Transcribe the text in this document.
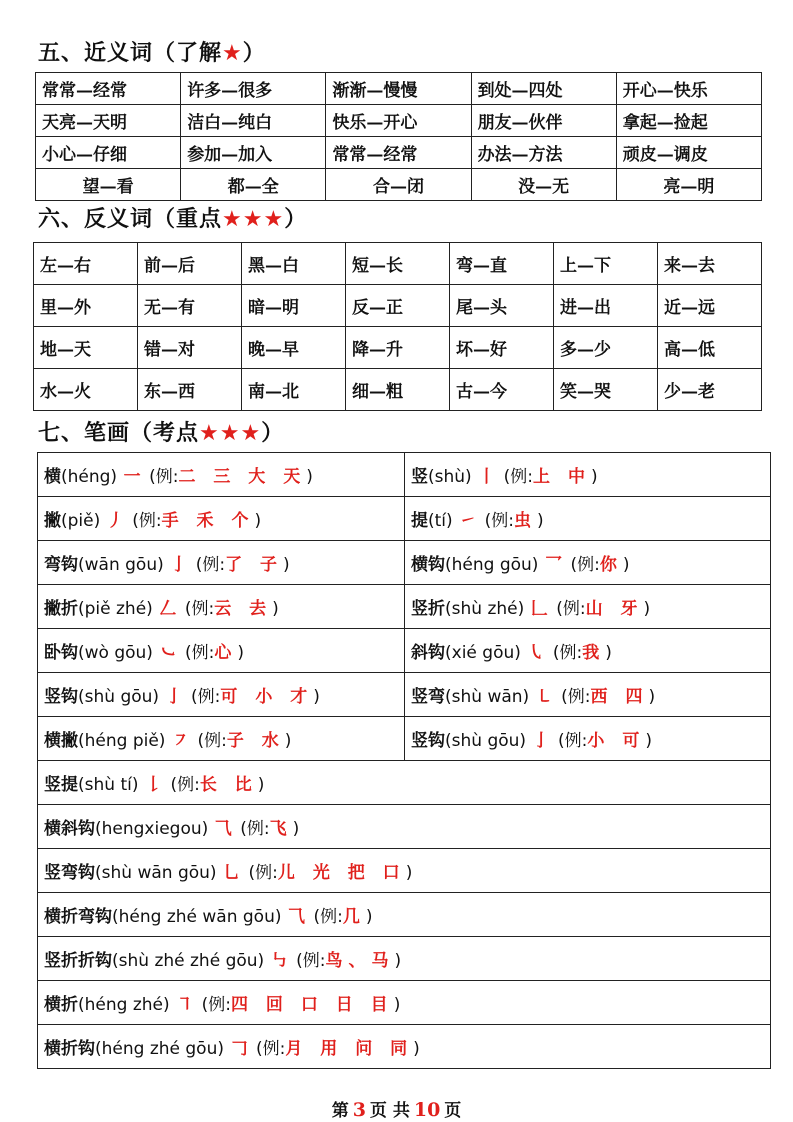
五、近义词（了解★）
常常—经常	许多—很多	渐渐—慢慢	到处—四处	开心—快乐
天亮—天明	洁白—纯白	快乐—开心	朋友—伙伴	拿起—捡起
小心—仔细	参加—加入	常常—经常	办法—方法	顽皮—调皮
望—看	都—全	合—闭	没—无	亮—明
六、反义词（重点★★★）
左—右	前—后	黑—白	短—长	弯—直	上—下	来—去
里—外	无—有	暗—明	反—正	尾—头	进—出	近—远
地—天	错—对	晚—早	降—升	坏—好	多—少	高—低
水—火	东—西	南—北	细—粗	古—今	笑—哭	少—老
七、笔画（考点★★★）
横(héng) 一 (例:二 三 大 天)	竖(shù) 丨 (例:上 中)
撇(piě) 丿 (例:手 禾 个)	提(tí) ㇀ (例:虫)
弯钩(wān gōu) 亅 (例:了 子)	横钩(héng gōu) 乛 (例:你)
撇折(piě zhé) 𠃋 (例:云 去)	竖折(shù zhé) 𠃊 (例:山 牙)
卧钩(wò gōu) ㇃ (例:心)	斜钩(xié gōu) ㇂ (例:我)
竖钩(shù gōu) 亅 (例:可 小 才)	竖弯(shù wān) ㇄ (例:西 四)
横撇(héng piě) ㇇ (例:子 水)	竖钩(shù gōu) 亅 (例:小 可)
竖提(shù tí) 𠄌 (例:长 比)	
横斜钩(hengxiegou) ⺄ (例:飞)	
竖弯钩(shù wān gōu) 乚 (例:儿 光 把 口)	
横折弯钩(héng zhé wān gōu) ⺄ (例:几)	
竖折折钩(shù zhé zhé gōu) ㇉ (例:鸟、马)	
横折(héng zhé) ㇕ (例:四 回 口 日 目)	
横折钩(héng zhé gōu) 𠃌 (例:月 用 问 同)	
第 3 页 共 10 页
